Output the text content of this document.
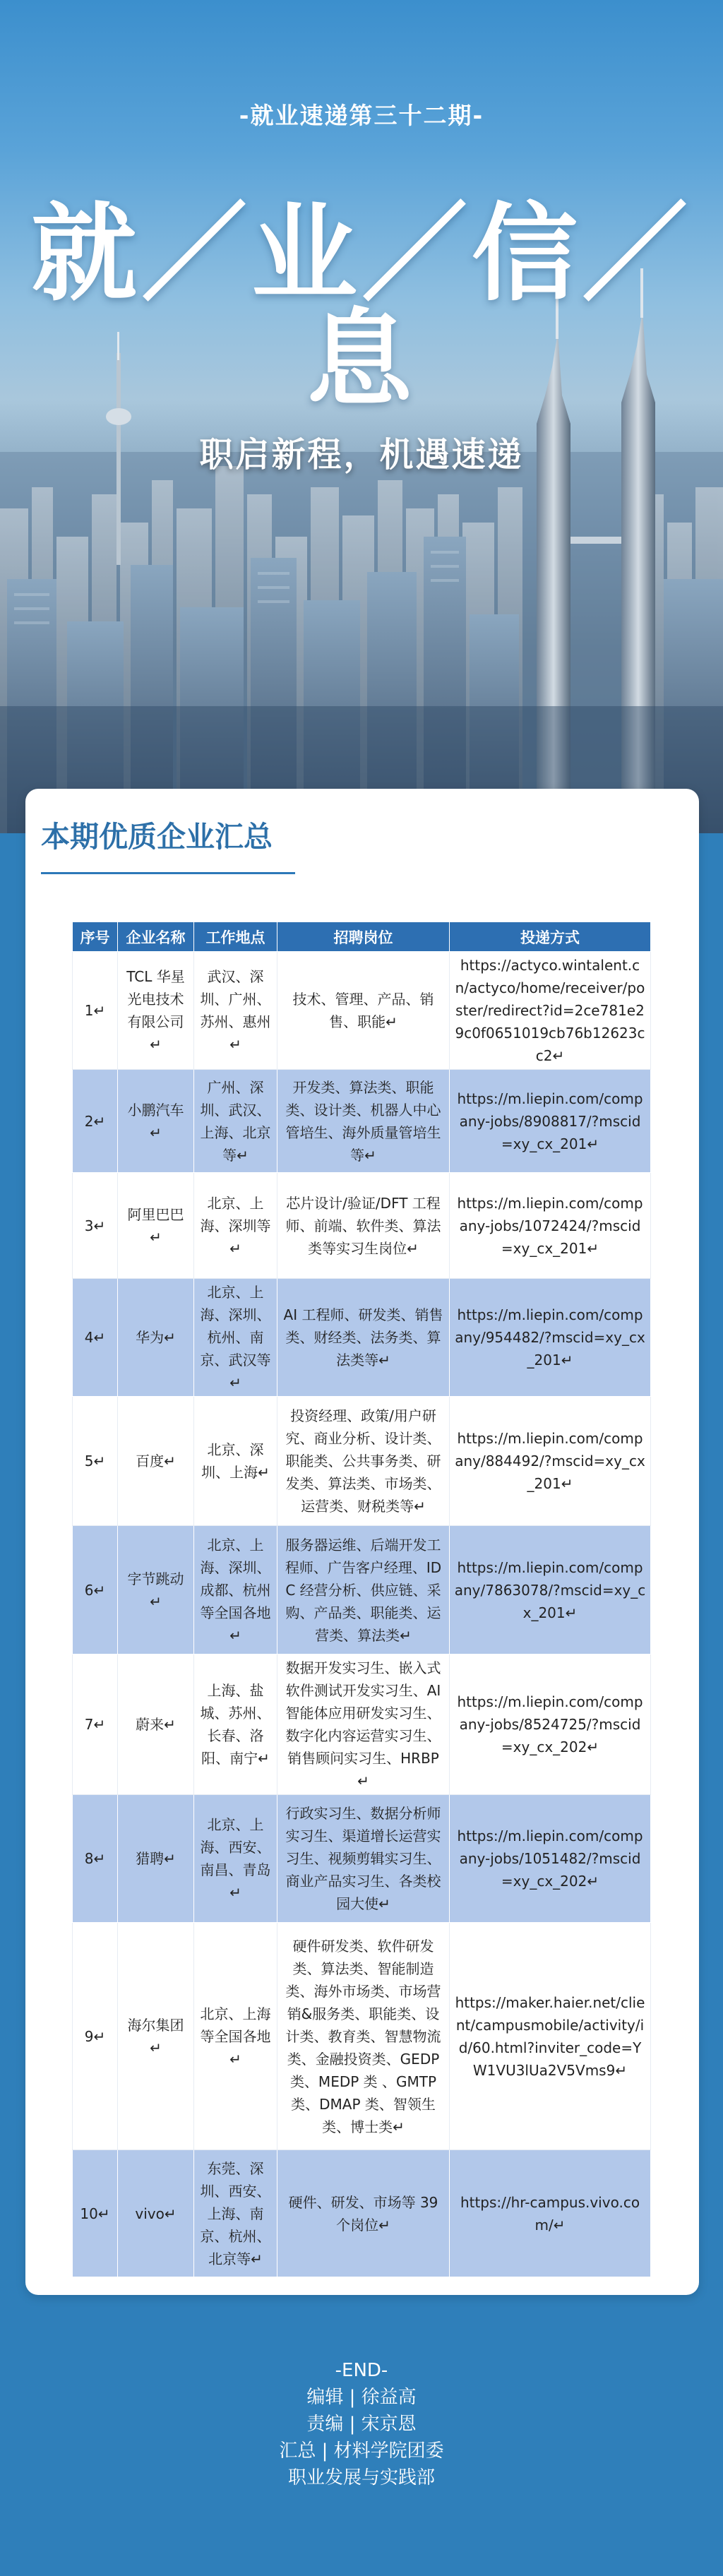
-就业速递第三十二期-
就／业／信／息
职启新程，机遇速递
本期优质企业汇总
序号	企业名称	工作地点	招聘岗位	投递方式
1↵	TCL 华星光电技术有限公司↵	武汉、深圳、广州、苏州、惠州↵	技术、管理、产品、销售、职能↵	https://actyco.wintalent.cn/actyco/home/receiver/poster/redirect?id=2ce781e29c0f0651019cb76b12623cc2↵
2↵	小鹏汽车↵	广州、深圳、武汉、上海、北京等↵	开发类、算法类、职能类、设计类、机器人中心管培生、海外质量管培生等↵	https://m.liepin.com/company-jobs/8908817/?mscid=xy_cx_201↵
3↵	阿里巴巴↵	北京、上海、深圳等↵	芯片设计/验证/DFT 工程师、前端、软件类、算法类等实习生岗位↵	https://m.liepin.com/company-jobs/1072424/?mscid=xy_cx_201↵
4↵	华为↵	北京、上海、深圳、杭州、南京、武汉等↵	AI 工程师、研发类、销售类、财经类、法务类、算法类等↵	https://m.liepin.com/company/954482/?mscid=xy_cx_201↵
5↵	百度↵	北京、深圳、上海↵	投资经理、政策/用户研究、商业分析、设计类、职能类、公共事务类、研发类、算法类、市场类、运营类、财税类等↵	https://m.liepin.com/company/884492/?mscid=xy_cx_201↵
6↵	字节跳动↵	北京、上海、深圳、成都、杭州等全国各地↵	服务器运维、后端开发工程师、广告客户经理、IDC 经营分析、供应链、采购、产品类、职能类、运营类、算法类↵	https://m.liepin.com/company/7863078/?mscid=xy_cx_201↵
7↵	蔚来↵	上海、盐城、苏州、长春、洛阳、南宁↵	数据开发实习生、嵌入式软件测试开发实习生、AI 智能体应用研发实习生、数字化内容运营实习生、销售顾问实习生、HRBP↵	https://m.liepin.com/company-jobs/8524725/?mscid=xy_cx_202↵
8↵	猎聘↵	北京、上海、西安、南昌、青岛↵	行政实习生、数据分析师实习生、渠道增长运营实习生、视频剪辑实习生、商业产品实习生、各类校园大使↵	https://m.liepin.com/company-jobs/1051482/?mscid=xy_cx_202↵
9↵	海尔集团↵	北京、上海等全国各地↵	硬件研发类、软件研发类、算法类、智能制造类、海外市场类、市场营销&服务类、职能类、设计类、教育类、智慧物流类、金融投资类、GEDP 类、MEDP 类 、GMTP 类、DMAP 类、智领生类、博士类↵	https://maker.haier.net/client/campusmobile/activity/id/60.html?inviter_code=YW1VU3lUa2V5Vms9↵
10↵	vivo↵	东莞、深圳、西安、上海、南京、杭州、北京等↵	硬件、研发、市场等 39 个岗位↵	https://hr-campus.vivo.com/↵
-END-
编辑 | 徐益高
责编 | 宋京恩
汇总 | 材料学院团委
职业发展与实践部
